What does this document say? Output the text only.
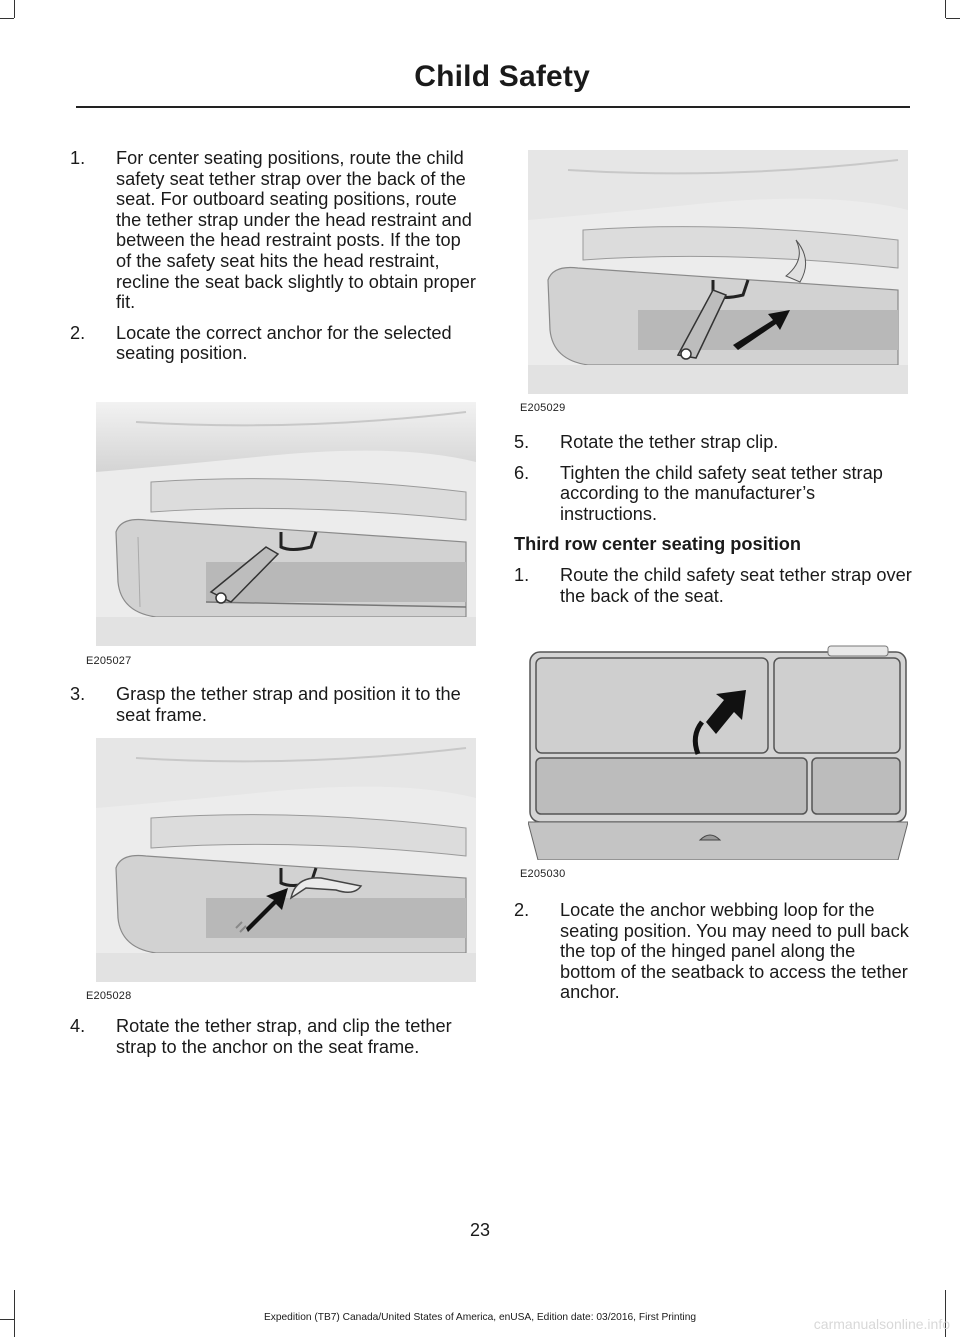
Child Safety
1. For center seating positions, route the child safety seat tether strap over the back of the seat. For outboard seating positions, route the tether strap under the head restraint and between the head restraint posts. If the top of the safety seat hits the head restraint, recline the seat back slightly to obtain proper fit.
2. Locate the correct anchor for the selected seating position.
E205027
3. Grasp the tether strap and position it to the seat frame.
E205028
4. Rotate the tether strap, and clip the tether strap to the anchor on the seat frame.
E205029
5. Rotate the tether strap clip.
6. Tighten the child safety seat tether strap according to the manufacturer’s instructions.
Third row center seating position
1. Route the child safety seat tether strap over the back of the seat.
E205030
2. Locate the anchor webbing loop for the seating position. You may need to pull back the top of the hinged panel along the bottom of the seatback to access the tether anchor.
23
Expedition (TB7) Canada/United States of America, enUSA, Edition date: 03/2016, First Printing	carmanualsonline.info
